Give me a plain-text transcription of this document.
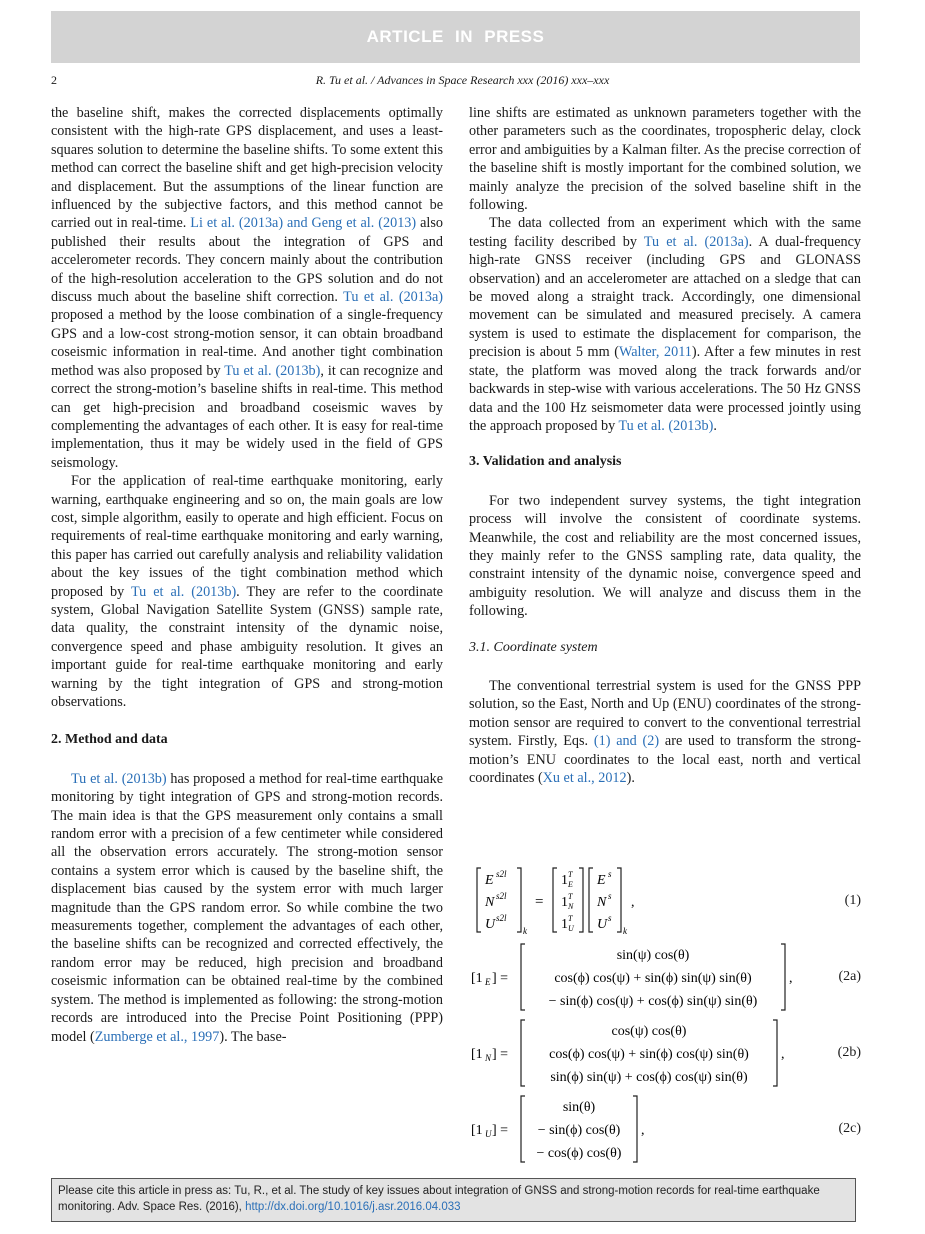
ARTICLE IN PRESS
2	R. Tu et al. / Advances in Space Research xxx (2016) xxx–xxx

the baseline shift, makes the corrected displacements optimally consistent with the high-rate GPS displacement, and uses a least-squares solution to determine the baseline shifts. To some extent this method can correct the baseline shift and get high-precision velocity and displacement. But the assumptions of the linear function are influenced by the subjective factors, and this method cannot be carried out in real-time. Li et al. (2013a) and Geng et al. (2013) also published their results about the integration of GPS and accelerometer records. They concern mainly about the contribution of the high-resolution acceleration to the GPS solution and do not discuss much about the baseline shift correction. Tu et al. (2013a) proposed a method by the loose combination of a single-frequency GPS and a low-cost strong-motion sensor, it can obtain broadband coseismic information in real-time. And another tight combination method was also proposed by Tu et al. (2013b), it can recognize and correct the strong-motion’s baseline shifts in real-time. This method can get high-precision and broadband coseismic waves by complementing the advantages of each other. It is easy for real-time implementation, thus it may be widely used in the field of GPS seismology.

For the application of real-time earthquake monitoring, early warning, earthquake engineering and so on, the main goals are low cost, simple algorithm, easily to operate and high efficient. Focus on requirements of real-time earthquake monitoring and early warning, this paper has carried out carefully analysis and reliability validation about the key issues of the tight combination method which proposed by Tu et al. (2013b). They are refer to the coordinate system, Global Navigation Satellite System (GNSS) sample rate, data quality, the constraint intensity of the dynamic noise, convergence speed and phase ambiguity resolution. It gives an important guide for real-time earthquake monitoring and early warning by the tight integration of GPS and strong-motion observations.

2. Method and data

Tu et al. (2013b) has proposed a method for real-time earthquake monitoring by tight integration of GPS and strong-motion records. The main idea is that the GPS measurement only contains a small random error with a precision of a few centimeter while considered all the observation errors accurately. The strong-motion sensor contains a system error which is caused by the baseline shift, the displacement bias caused by the system error with much larger magnitude than the GPS random error. So while combine the two measurements together, complement the advantages of each other, the baseline shifts can be recognized and corrected effectively, the random error may be reduced, high precision and broadband coseismic information can be obtained real-time by the combined system. The method is implemented as following: the strong-motion records are introduced into the Precise Point Positioning (PPP) model (Zumberge et al., 1997). The base-

line shifts are estimated as unknown parameters together with the other parameters such as the coordinates, tropospheric delay, clock error and ambiguities by a Kalman filter. As the precise correction of the baseline shift is mostly important for the combined solution, we mainly analyze the precision of the solved baseline shift in the following.

The data collected from an experiment which with the same testing facility described by Tu et al. (2013a). A dual-frequency high-rate GNSS receiver (including GPS and GLONASS observation) and an accelerometer are attached on a sledge that can be moved along a straight track. Accordingly, one dimensional movement can be simulated and measured precisely. A camera system is used to estimate the displacement for comparison, the precision is about 5 mm (Walter, 2011). After a few minutes in rest state, the platform was moved along the track forwards and/or backwards in step-wise with various accelerations. The 50 Hz GNSS data and the 100 Hz seismometer data were processed jointly using the approach proposed by Tu et al. (2013b).

3. Validation and analysis

For two independent survey systems, the tight integration process will involve the consistent of coordinate systems. Meanwhile, the cost and reliability are the most concerned issues, they mainly refer to the GNSS sampling rate, data quality, the constraint intensity of the dynamic noise, convergence speed and ambiguity resolution. We will analyze and discuss them in the following.

3.1. Coordinate system

The conventional terrestrial system is used for the GNSS PPP solution, so the East, North and Up (ENU) coordinates of the strong-motion sensor are required to convert to the conventional terrestrial system. Firstly, Eqs. (1) and (2) are used to transform the strong-motion’s ENU coordinates to the local east, north and vertical coordinates (Xu et al., 2012).

E s2l
N s2l
U s2l
k
=
1 T
E
1 T
N
1 T
U
E s
N s
U s
k
,	(1)
[1 E ] =
sin(ψ) cos(θ)
cos(ϕ) cos(ψ) + sin(ϕ) sin(ψ) sin(θ)
− sin(ϕ) cos(ψ) + cos(ϕ) sin(ψ) sin(θ)
,	(2a)
[1 N ] =
cos(ψ) cos(θ)
cos(ϕ) cos(ψ) + sin(ϕ) cos(ψ) sin(θ)
sin(ϕ) sin(ψ) + cos(ϕ) cos(ψ) sin(θ)
,	(2b)
[1 U ] =
sin(θ)
− sin(ϕ) cos(θ)
− cos(ϕ) cos(θ)
,	(2c)
Please cite this article in press as: Tu, R., et al. The study of key issues about integration of GNSS and strong-motion records for real-time earthquake monitoring. Adv. Space Res. (2016), http://dx.doi.org/10.1016/j.asr.2016.04.033
